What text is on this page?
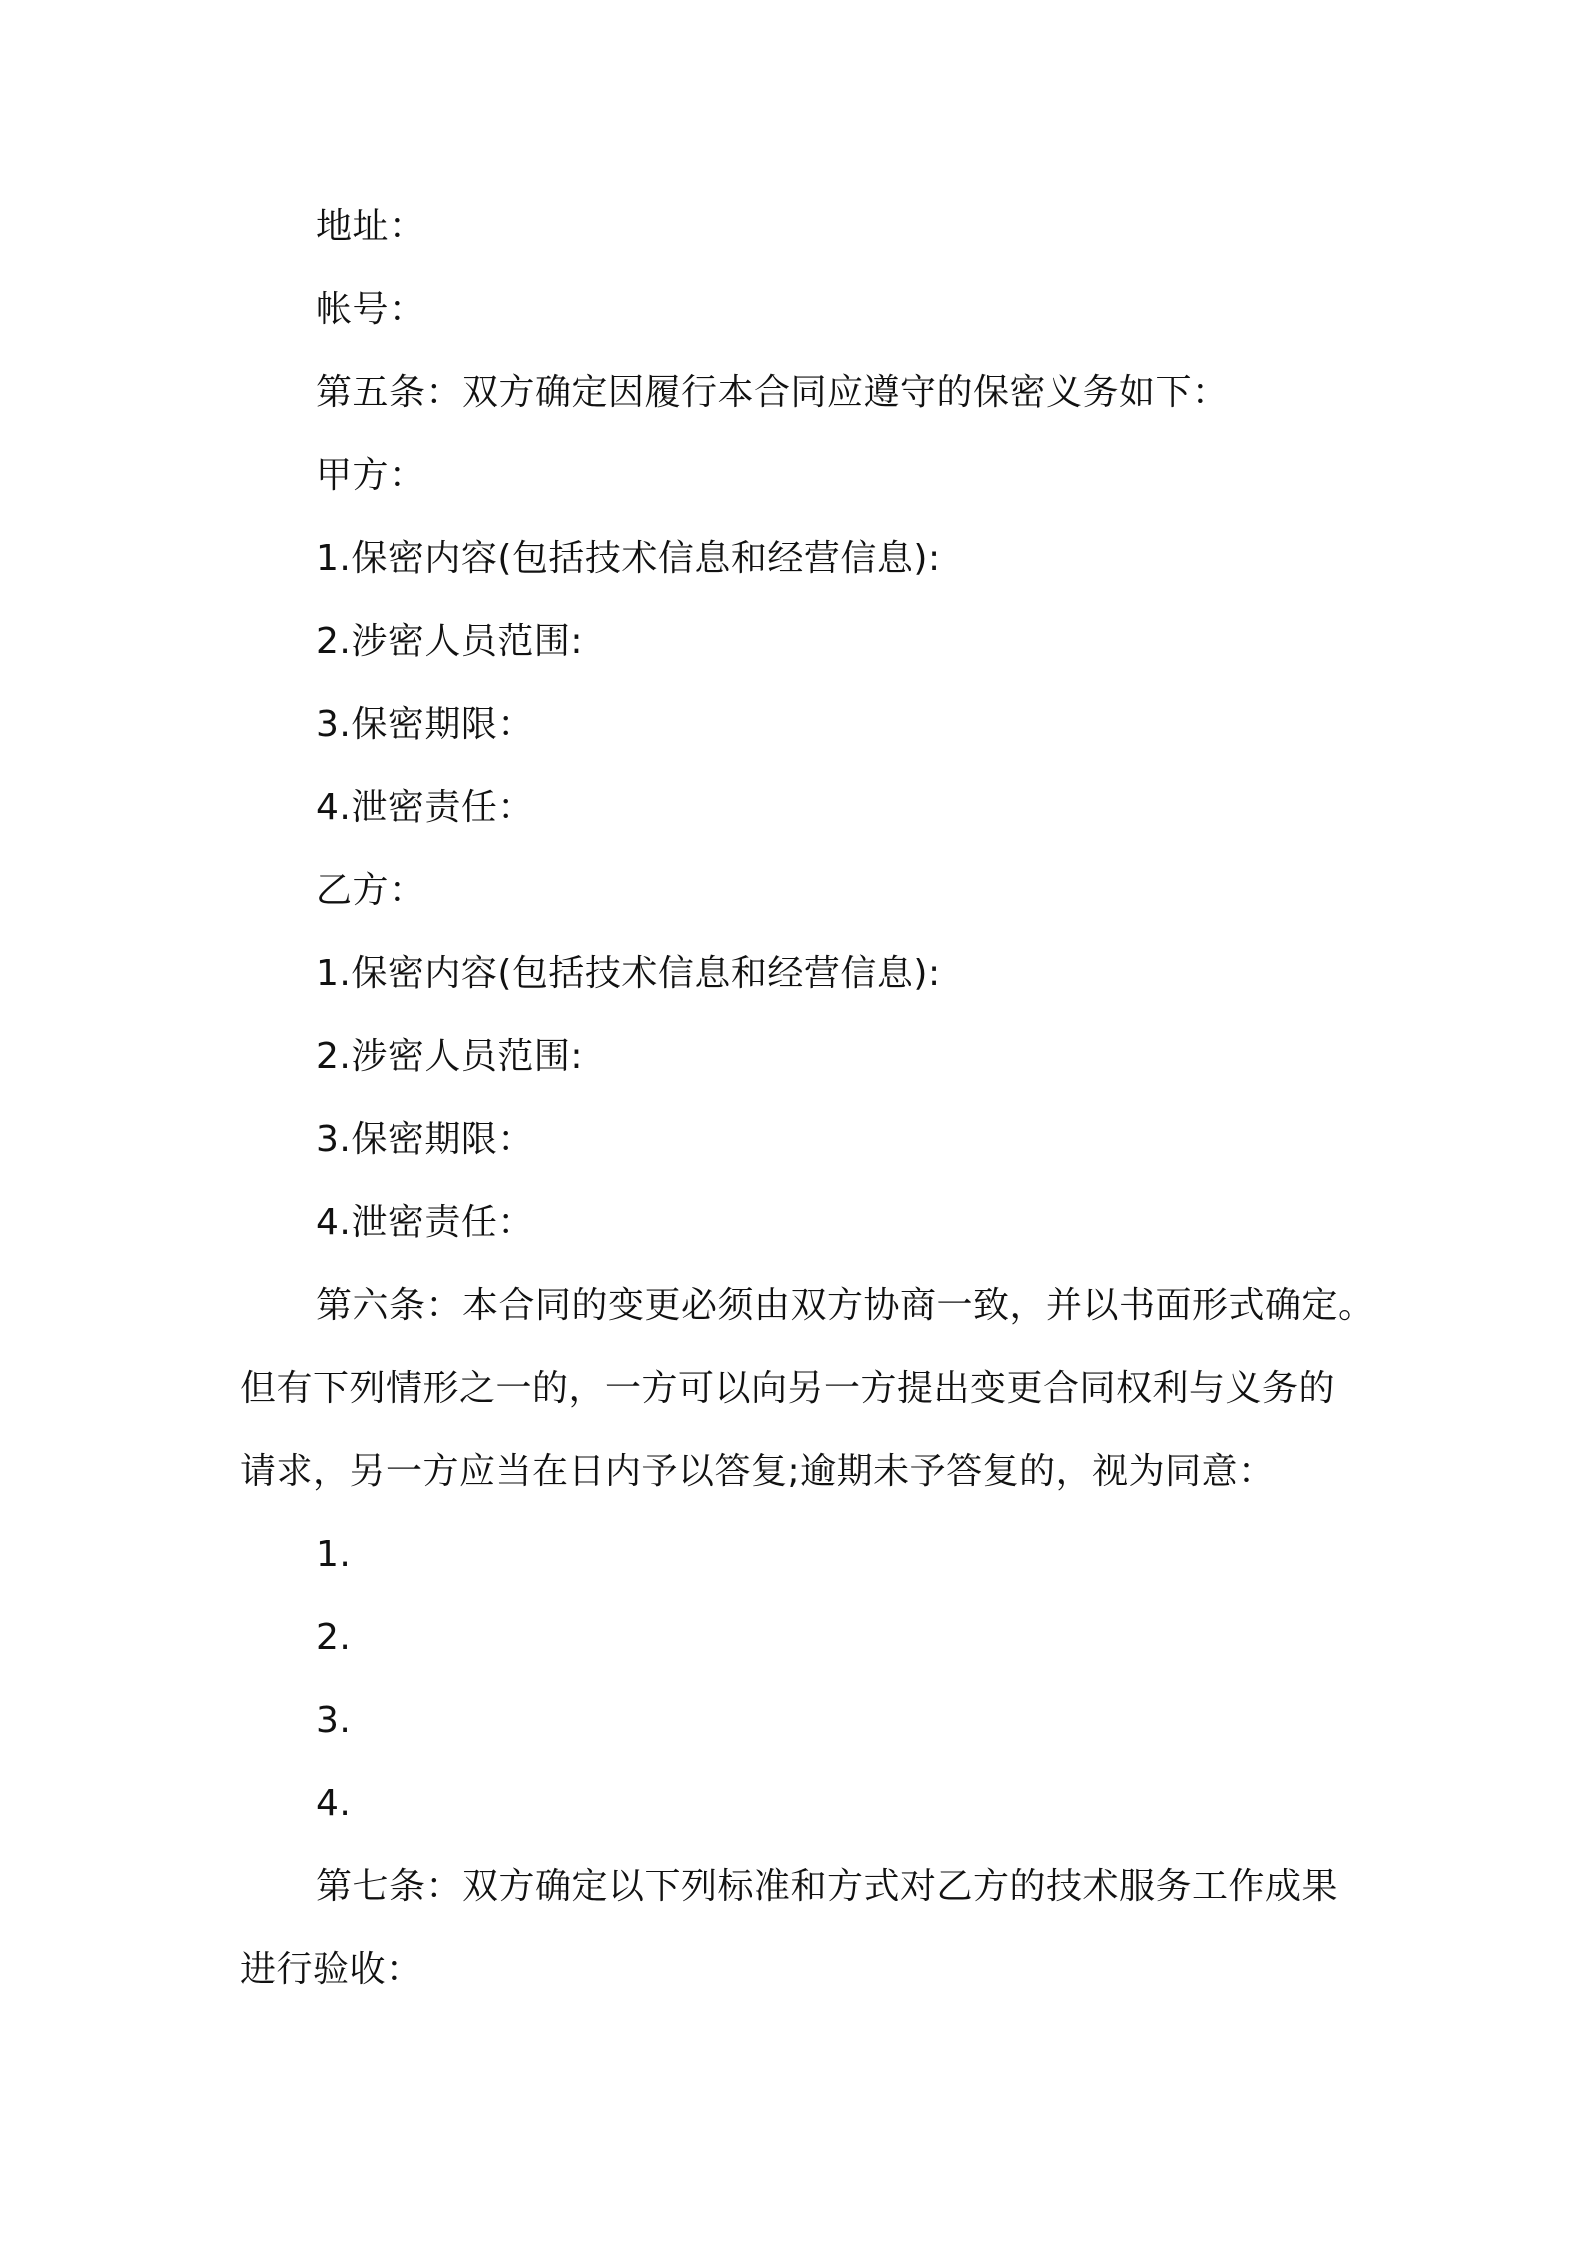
地址：
帐号：
第五条：双方确定因履行本合同应遵守的保密义务如下：
甲方：
1.保密内容(包括技术信息和经营信息):
2.涉密人员范围:
3.保密期限：
4.泄密责任：
乙方：
1.保密内容(包括技术信息和经营信息):
2.涉密人员范围:
3.保密期限：
4.泄密责任：
第六条：本合同的变更必须由双方协商一致，并以书面形式确定。
但有下列情形之一的，一方可以向另一方提出变更合同权利与义务的
请求，另一方应当在日内予以答复;逾期未予答复的，视为同意：
1.
2.
3.
4.
第七条：双方确定以下列标准和方式对乙方的技术服务工作成果
进行验收：
